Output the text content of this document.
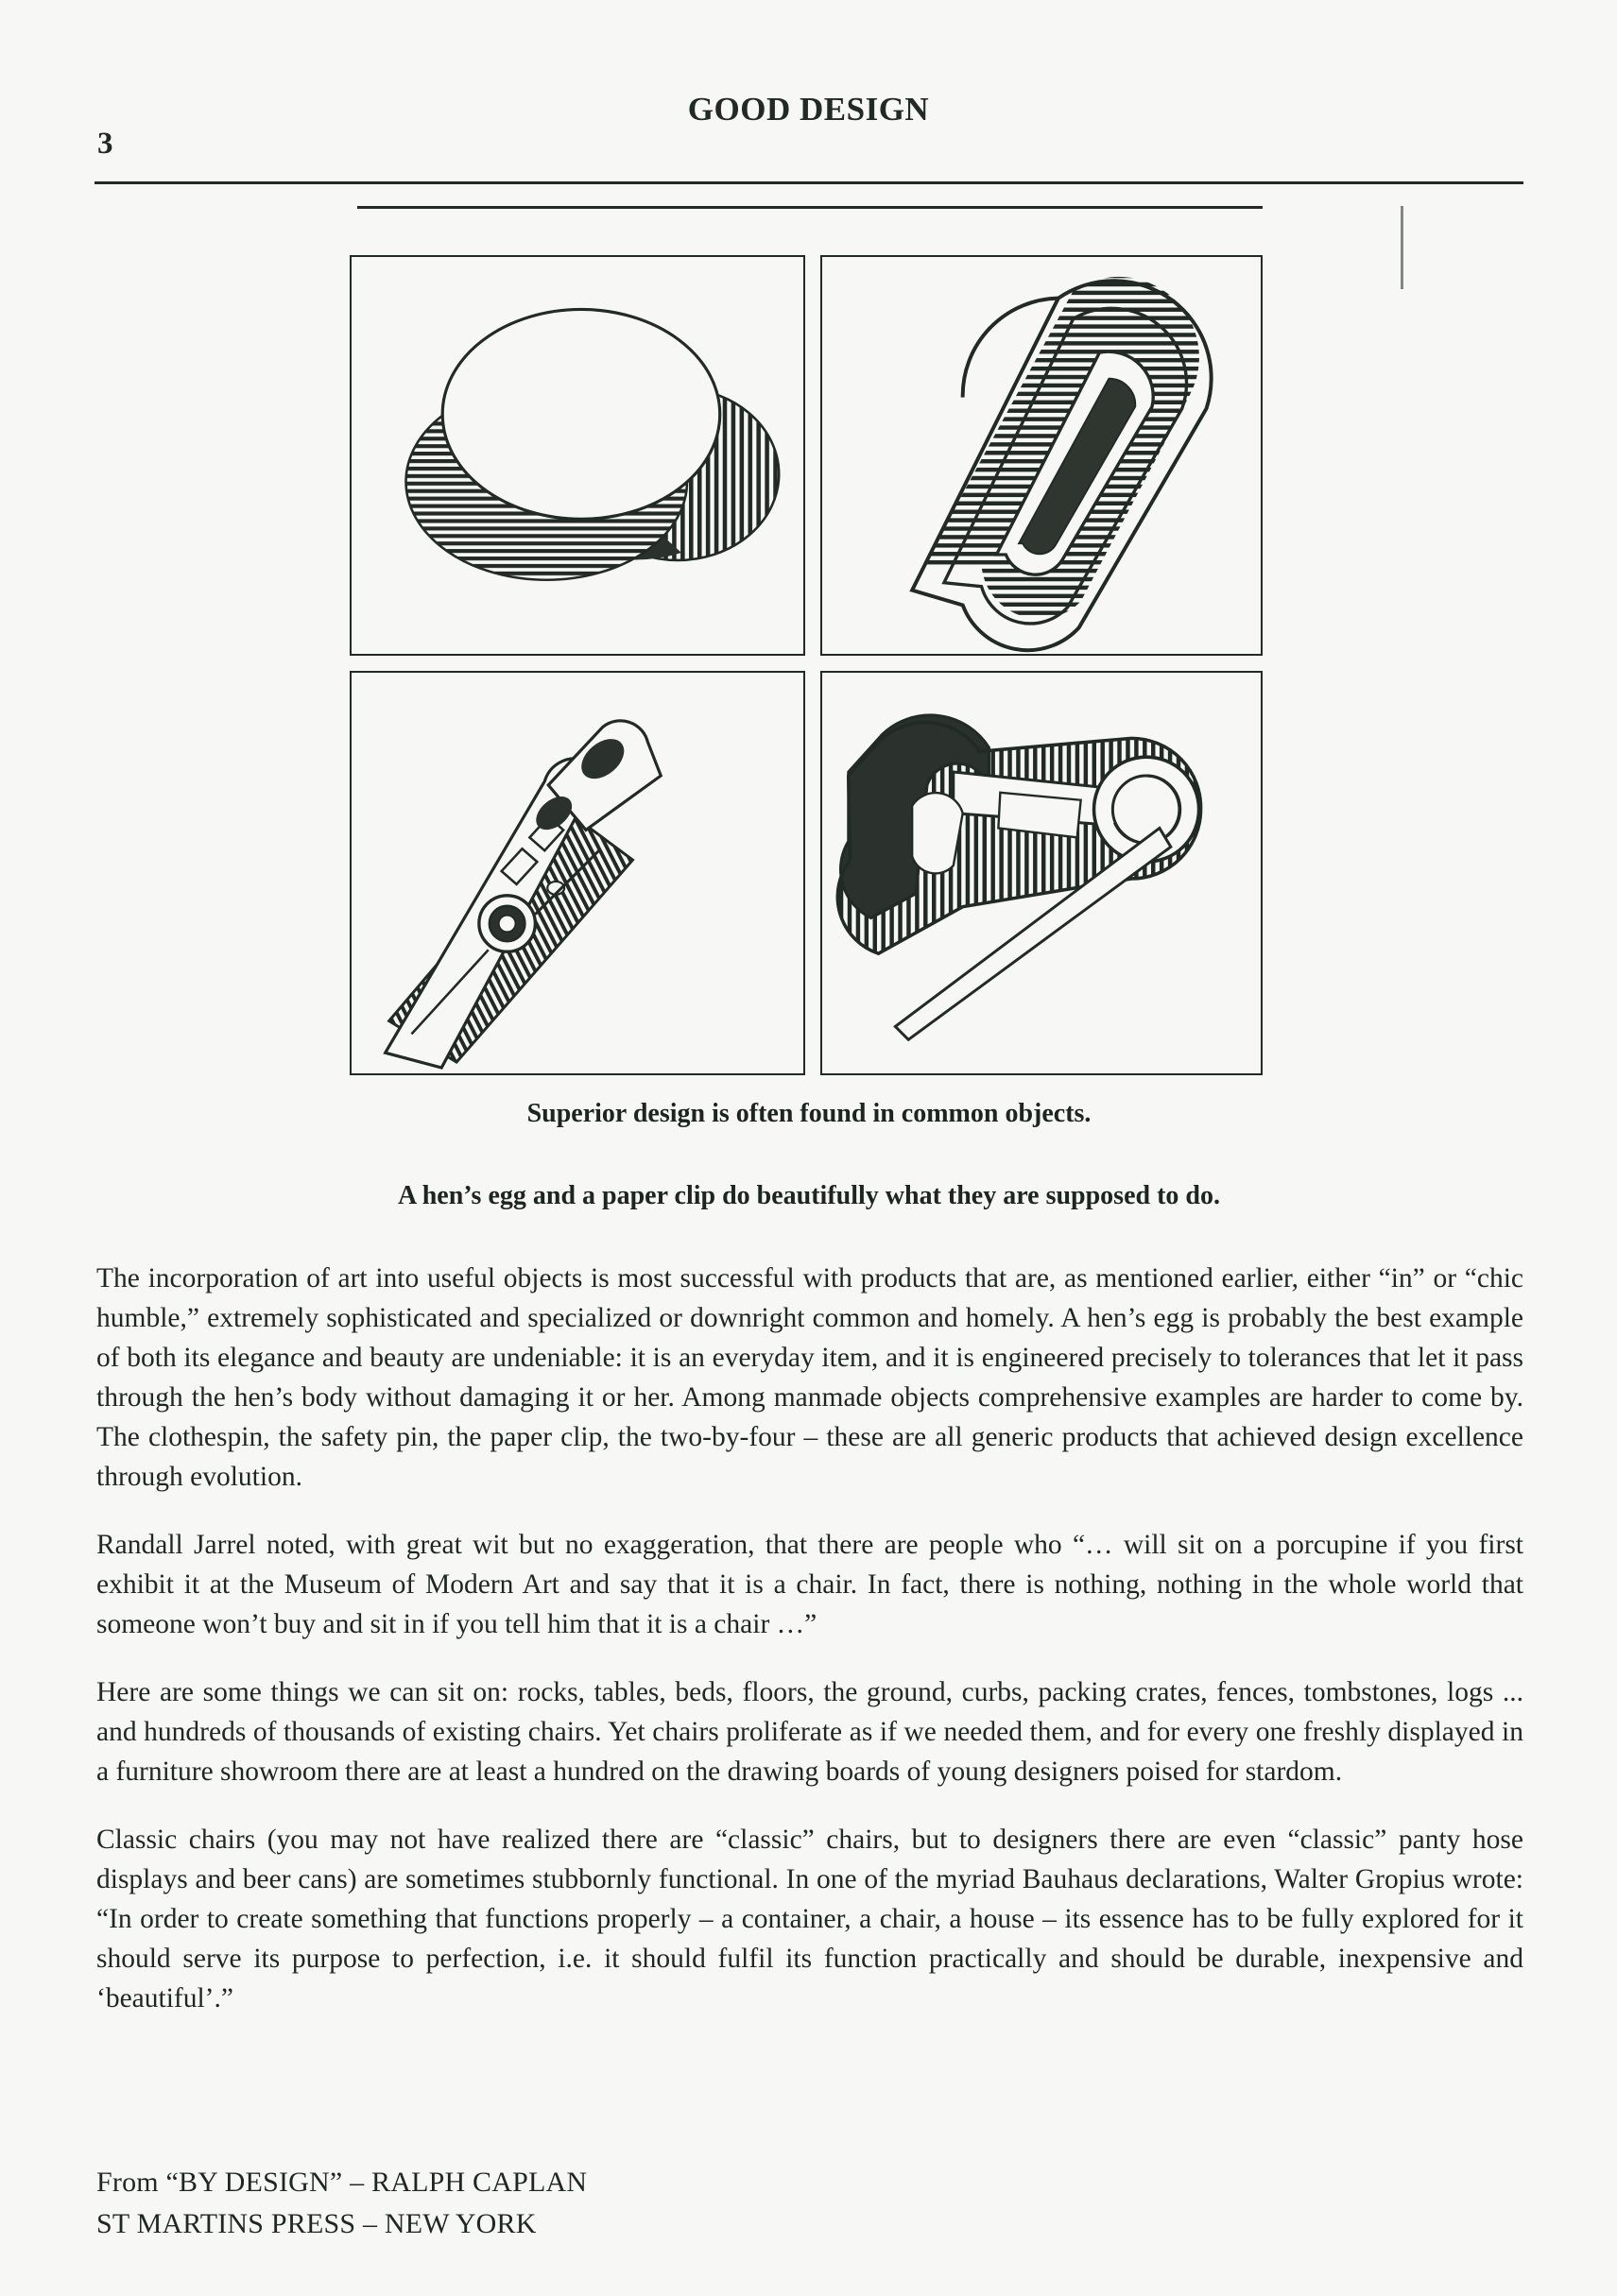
GOOD DESIGN
3
Superior design is often found in common objects.
A hen’s egg and a paper clip do beautifully what they are supposed to do.

The incorporation of art into useful objects is most successful with products that are, as mentioned earlier, either “in” or “chic humble,” extremely sophisticated and specialized or downright common and homely. A hen’s egg is probably the best example of both its elegance and beauty are undeniable: it is an everyday item, and it is engineered precisely to tolerances that let it pass through the hen’s body without damaging it or her. Among manmade objects comprehensive examples are harder to come by. The clothespin, the safety pin, the paper clip, the two-by-four – these are all generic products that achieved design excellence through evolution.

Randall Jarrel noted, with great wit but no exaggeration, that there are people who “… will sit on a porcupine if you first exhibit it at the Museum of Modern Art and say that it is a chair. In fact, there is nothing, nothing in the whole world that someone won’t buy and sit in if you tell him that it is a chair …”

Here are some things we can sit on: rocks, tables, beds, floors, the ground, curbs, packing crates, fences, tombstones, logs ... and hundreds of thousands of existing chairs. Yet chairs proliferate as if we needed them, and for every one freshly displayed in a furniture showroom there are at least a hundred on the drawing boards of young designers poised for stardom.

Classic chairs (you may not have realized there are “classic” chairs, but to designers there are even “classic” panty hose displays and beer cans) are sometimes stubbornly functional. In one of the myriad Bauhaus declarations, Walter Gropius wrote: “In order to create something that functions properly – a container, a chair, a house – its essence has to be fully explored for it should serve its purpose to perfection, i.e. it should fulfil its function practically and should be durable, inexpensive and ‘beautiful’.”

From “BY DESIGN” – RALPH CAPLAN
ST MARTINS PRESS – NEW YORK
